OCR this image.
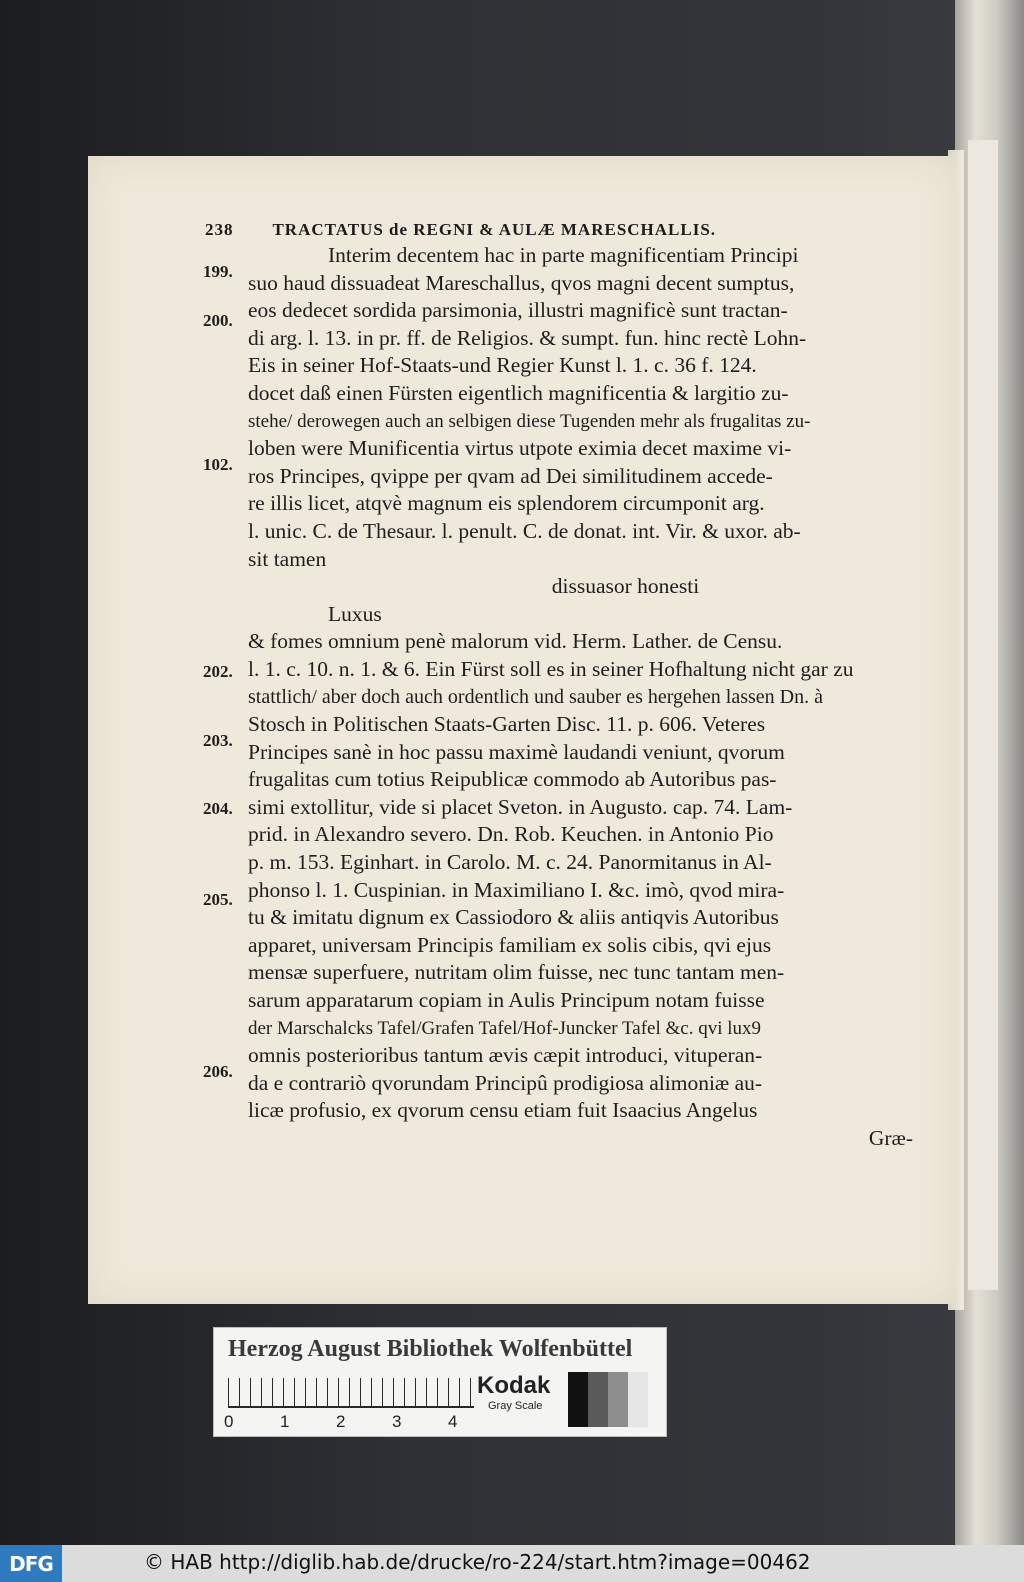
238 TRACTATUS de REGNI & AULÆ MARESCHALLIS.
199.
200.
102.
202.
203.
204.
205.
206.
Interim decentem hac in parte magnificentiam Principi
suo haud dissuadeat Mareschallus, qvos magni decent sumptus,
eos dedecet sordida parsimonia, illustri magnificè sunt tractan-
di arg. l. 13. in pr. ff. de Religios. & sumpt. fun. hinc rectè Lohn-
Eis in seiner Hof-Staats-und Regier Kunst l. 1. c. 36 f. 124.
docet daß einen Fürsten eigentlich magnificentia & largitio zu-
stehe/ derowegen auch an selbigen diese Tugenden mehr als frugalitas zu-
loben were Munificentia virtus utpote eximia decet maxime vi-
ros Principes, qvippe per qvam ad Dei similitudinem accede-
re illis licet, atqvè magnum eis splendorem circumponit arg.
l. unic. C. de Thesaur. l. penult. C. de donat. int. Vir. & uxor. ab-
sit tamen
dissuasor honesti
Luxus
& fomes omnium penè malorum vid. Herm. Lather. de Censu.
l. 1. c. 10. n. 1. & 6. Ein Fürst soll es in seiner Hofhaltung nicht gar zu
stattlich/ aber doch auch ordentlich und sauber es hergehen lassen Dn. à
Stosch in Politischen Staats-Garten Disc. 11. p. 606. Veteres
Principes sanè in hoc passu maximè laudandi veniunt, qvorum
frugalitas cum totius Reipublicæ commodo ab Autoribus pas-
simi extollitur, vide si placet Sveton. in Augusto. cap. 74. Lam-
prid. in Alexandro severo. Dn. Rob. Keuchen. in Antonio Pio
p. m. 153. Eginhart. in Carolo. M. c. 24. Panormitanus in Al-
phonso l. 1. Cuspinian. in Maximiliano I. &c. imò, qvod mira-
tu & imitatu dignum ex Cassiodoro & aliis antiqvis Autoribus
apparet, universam Principis familiam ex solis cibis, qvi ejus
mensæ superfuere, nutritam olim fuisse, nec tunc tantam men-
sarum apparatarum copiam in Aulis Principum notam fuisse
der Marschalcks Tafel/Grafen Tafel/Hof-Juncker Tafel &c. qvi lux9
omnis posterioribus tantum ævis cæpit introduci, vituperan-
da e contrariò qvorundam Principû prodigiosa alimoniæ au-
licæ profusio, ex qvorum censu etiam fuit Isaacius Angelus
Græ-
Herzog August Bibliothek Wolfenbüttel
0	1	2	3	4
Kodak
Gray Scale
DFG	© HAB http://diglib.hab.de/drucke/ro-224/start.htm?image=00462
